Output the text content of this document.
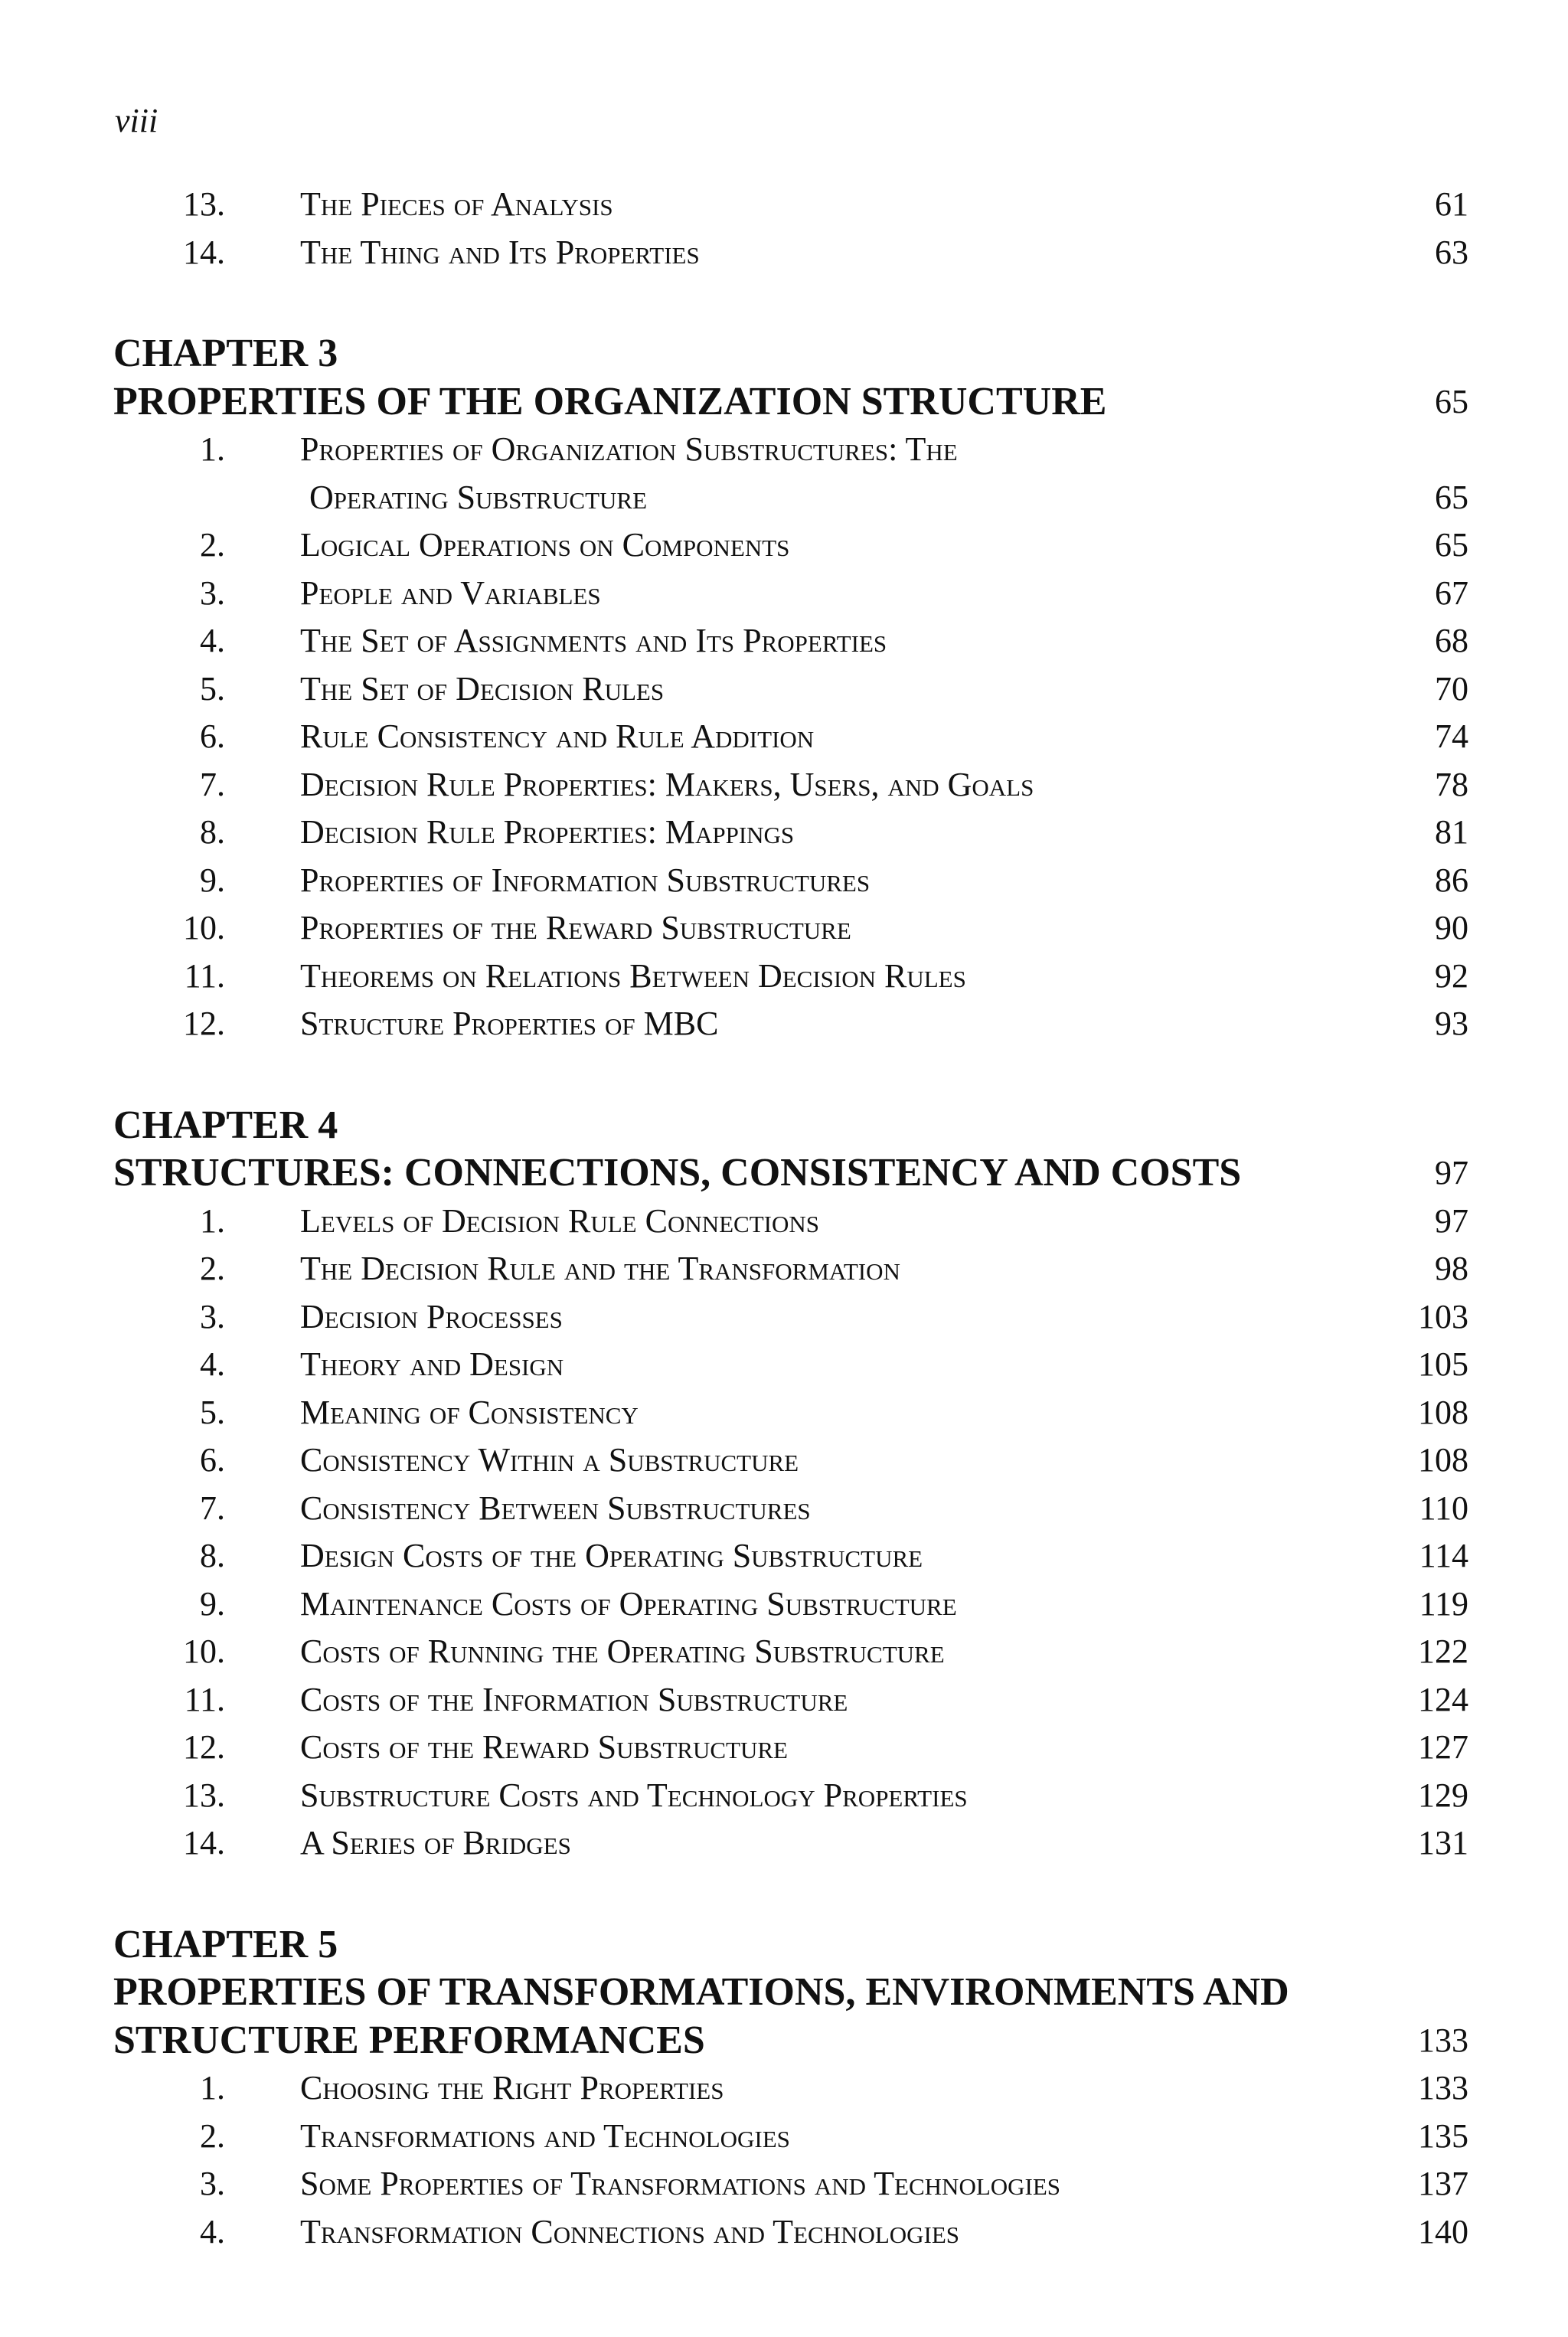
viii
13. The Pieces of Analysis	61
14. The Thing and Its Properties	63
CHAPTER 3
PROPERTIES OF THE ORGANIZATION STRUCTURE	65
1. Properties of Organization Substructures: The
Operating Substructure	65
2. Logical Operations on Components	65
3. People and Variables	67
4. The Set of Assignments and Its Properties	68
5. The Set of Decision Rules	70
6. Rule Consistency and Rule Addition	74
7. Decision Rule Properties: Makers, Users, and Goals	78
8. Decision Rule Properties: Mappings	81
9. Properties of Information Substructures	86
10. Properties of the Reward Substructure	90
11. Theorems on Relations Between Decision Rules	92
12. Structure Properties of MBC	93
CHAPTER 4
STRUCTURES: CONNECTIONS, CONSISTENCY AND COSTS	97
1. Levels of Decision Rule Connections	97
2. The Decision Rule and the Transformation	98
3. Decision Processes	103
4. Theory and Design	105
5. Meaning of Consistency	108
6. Consistency Within a Substructure	108
7. Consistency Between Substructures	110
8. Design Costs of the Operating Substructure	114
9. Maintenance Costs of Operating Substructure	119
10. Costs of Running the Operating Substructure	122
11. Costs of the Information Substructure	124
12. Costs of the Reward Substructure	127
13. Substructure Costs and Technology Properties	129
14. A Series of Bridges	131
CHAPTER 5
PROPERTIES OF TRANSFORMATIONS, ENVIRONMENTS AND
STRUCTURE PERFORMANCES	133
1. Choosing the Right Properties	133
2. Transformations and Technologies	135
3. Some Properties of Transformations and Technologies	137
4. Transformation Connections and Technologies	140
